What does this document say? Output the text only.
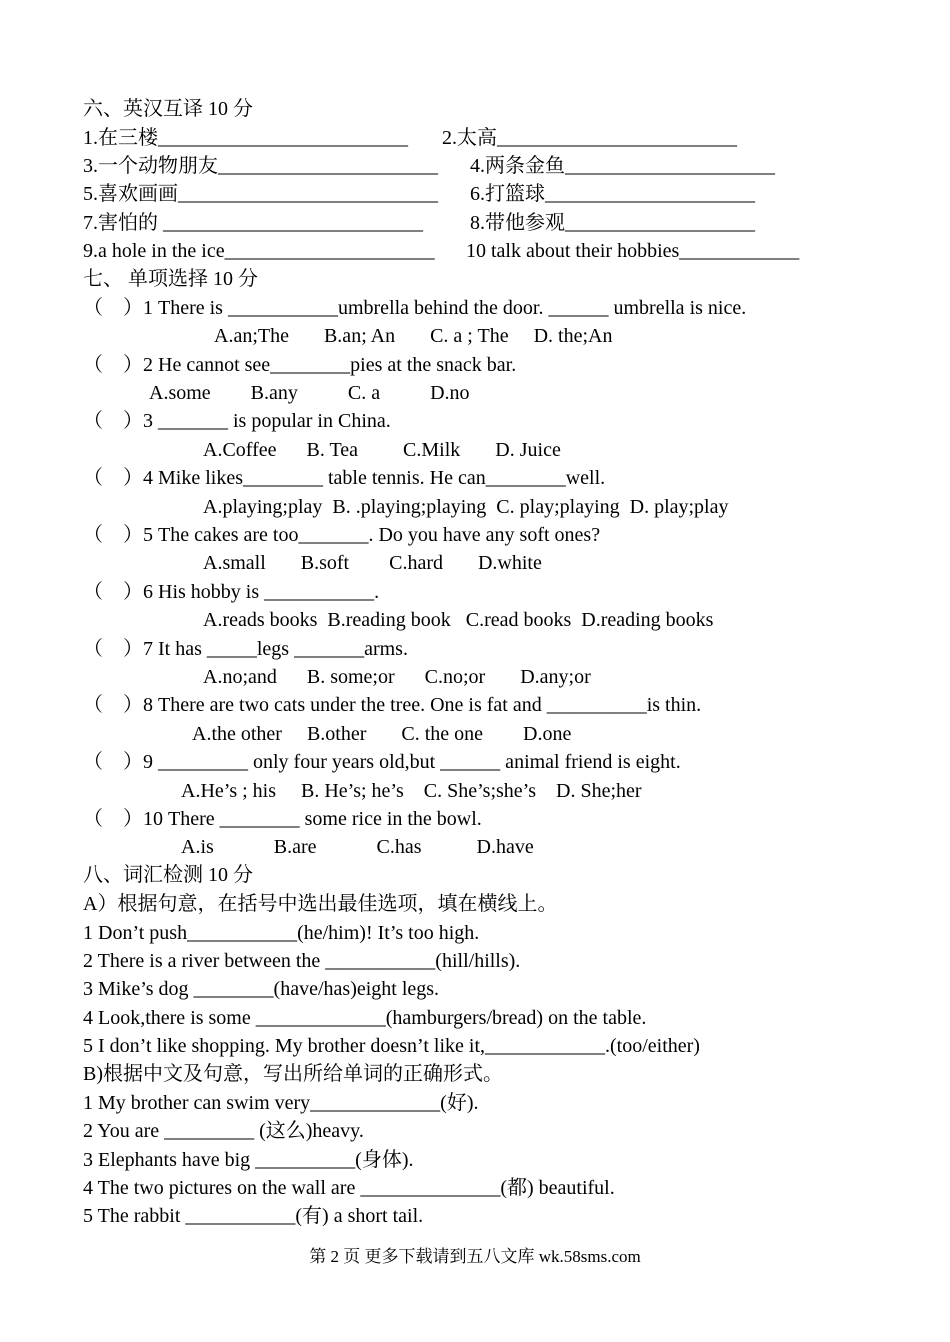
六、英汉互译 10 分
1.在三楼_________________________ 2.太高________________________
3.一个动物朋友______________________ 4.两条金鱼_____________________
5.喜欢画画__________________________ 6.打篮球_____________________
7.害怕的 __________________________ 8.带他参观___________________
9.a hole in the ice_____________________ 10 talk about their hobbies____________
七、 单项选择 10 分
（    ）1 There is ___________umbrella behind the door. ______ umbrella is nice.
A.an;The       B.an; An       C. a ; The     D. the;An
（    ）2 He cannot see________pies at the snack bar.
A.some        B.any          C. a          D.no
（    ）3 _______ is popular in China.
A.Coffee      B. Tea         C.Milk       D. Juice
（    ）4 Mike likes________ table tennis. He can________well.
A.playing;play  B. .playing;playing  C. play;playing  D. play;play
（    ）5 The cakes are too_______. Do you have any soft ones?
A.small       B.soft        C.hard       D.white
（    ）6 His hobby is ___________.
A.reads books  B.reading book   C.read books  D.reading books
（    ）7 It has _____legs _______arms.
A.no;and      B. some;or      C.no;or       D.any;or
（    ）8 There are two cats under the tree. One is fat and __________is thin.
A.the other     B.other       C. the one        D.one
（    ）9 _________ only four years old,but ______ animal friend is eight.
A.He’s ; his     B. He’s; he’s    C. She’s;she’s    D. She;her
（    ）10 There ________ some rice in the bowl.
A.is            B.are            C.has           D.have
八、词汇检测 10 分
A）根据句意，在括号中选出最佳选项，填在横线上。
1 Don’t push___________(he/him)! It’s too high.
2 There is a river between the ___________(hill/hills).
3 Mike’s dog ________(have/has)eight legs.
4 Look,there is some _____________(hamburgers/bread) on the table.
5 I don’t like shopping. My brother doesn’t like it,____________.(too/either)
B)根据中文及句意，写出所给单词的正确形式。
1 My brother can swim very_____________(好).
2 You are _________ (这么)heavy.
3 Elephants have big __________(身体).
4 The two pictures on the wall are ______________(都) beautiful.
5 The rabbit ___________(有) a short tail.
第 2 页 更多下载请到五八文库 wk.58sms.com
